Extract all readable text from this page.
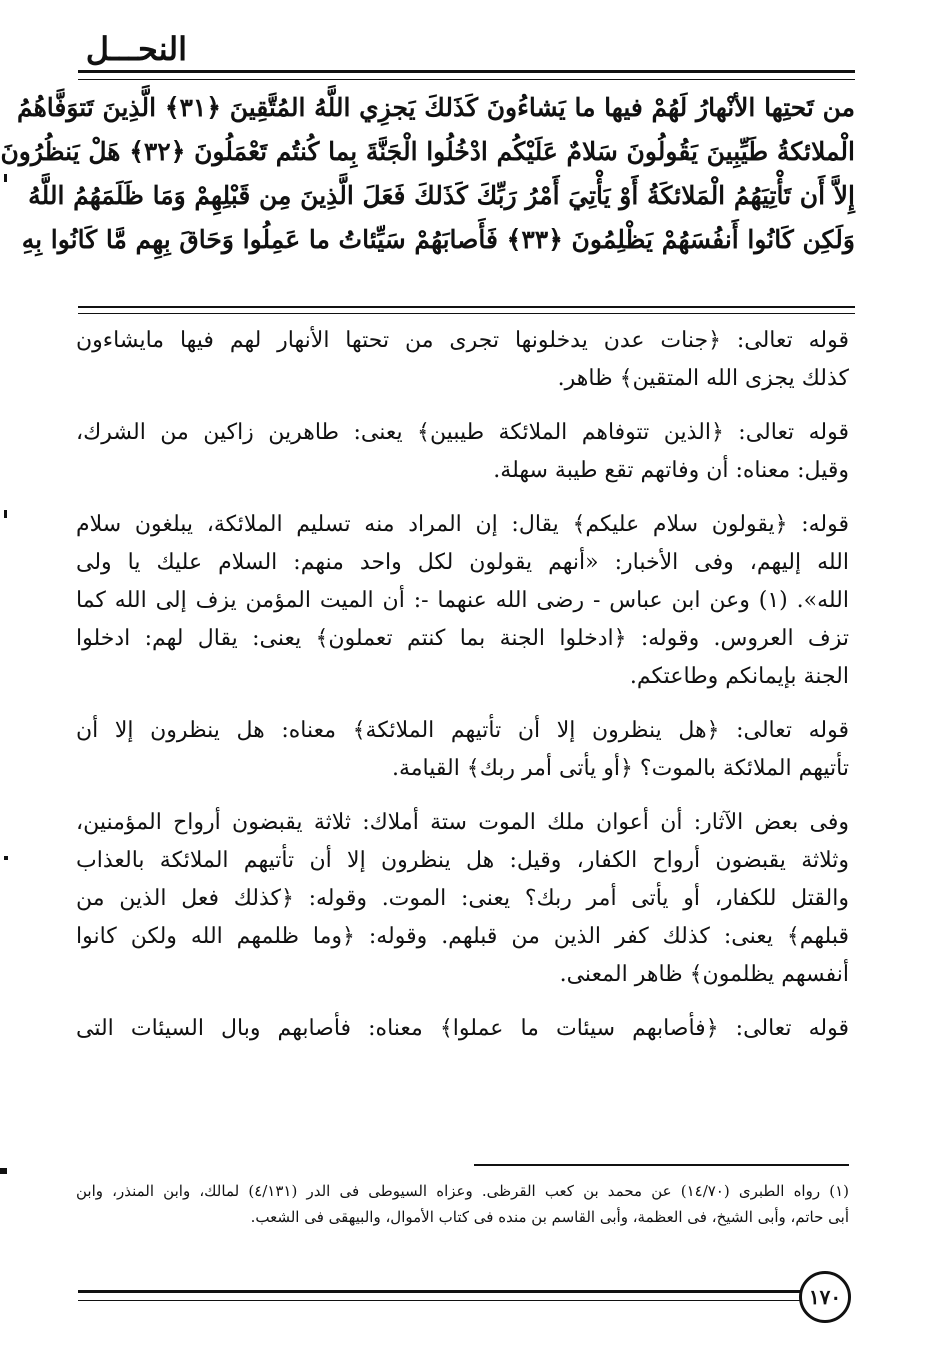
النحـــل
من تَحتِها الأنْهارُ لَهُمْ فيها ما يَشاءُونَ كَذَلكَ يَجزِي اللَّهُ المُتَّقِينَ ﴿٣١﴾ الَّذِينَ تَتوَفَّاهُمُ
الْملائكةُ طَيِّبِينَ يَقُولُونَ سَلامٌ عَلَيْكُم ادْخُلُوا الْجَنَّةَ بِما كُنتُم تَعْمَلُونَ ﴿٣٢﴾ هَلْ يَنظُرُونَ
إِلاَّ أَن تَأْتِيَهُمُ الْمَلائكَةُ أَوْ يَأْتِيَ أَمْرُ رَبِّكَ كَذَلكَ فَعَلَ الَّذِينَ مِن قَبْلِهِمْ وَمَا ظَلَمَهُمُ اللَّهُ
وَلَكِن كَانُوا أَنفُسَهُمْ يَظْلِمُونَ ﴿٣٣﴾ فَأَصابَهُمْ سَيِّئاتُ ما عَمِلُوا وَحَاقَ بِهِم مَّا كَانُوا بِهِ
قوله تعالى: ﴿جنات عدن يدخلونها تجرى من تحتها الأنهار لهم فيها مايشاءون
كذلك يجزى الله المتقين﴾ ظاهر.
قوله تعالى: ﴿الذين تتوفاهم الملائكة طيبين﴾ يعنى: طاهرين زاكين من الشرك،
وقيل: معناه: أن وفاتهم تقع طيبة سهلة.
قوله: ﴿يقولون سلام عليكم﴾ يقال: إن المراد منه تسليم الملائكة، يبلغون سلام
الله إليهم، وفى الأخبار: «أنهم يقولون لكل واحد منهم: السلام عليك يا ولى
الله». (١) وعن ابن عباس - رضى الله عنهما -: أن الميت المؤمن يزف إلى الله كما
تزف العروس. وقوله: ﴿ادخلوا الجنة بما كنتم تعملون﴾ يعنى: يقال لهم: ادخلوا
الجنة بإيمانكم وطاعتكم.
قوله تعالى: ﴿هل ينظرون إلا أن تأتيهم الملائكة﴾ معناه: هل ينظرون إلا أن
تأتيهم الملائكة بالموت؟ ﴿أو يأتى أمر ربك﴾ القيامة.
وفى بعض الآثار: أن أعوان ملك الموت ستة أملاك: ثلاثة يقبضون أرواح المؤمنين،
وثلاثة يقبضون أرواح الكفار، وقيل: هل ينظرون إلا أن تأتيهم الملائكة بالعذاب
والقتل للكفار، أو يأتى أمر ربك؟ يعنى: الموت. وقوله: ﴿كذلك فعل الذين من
قبلهم﴾ يعنى: كذلك كفر الذين من قبلهم. وقوله: ﴿وما ظلمهم الله ولكن كانوا
أنفسهم يظلمون﴾ ظاهر المعنى.
قوله تعالى: ﴿فأصابهم سيئات ما عملوا﴾ معناه: فأصابهم وبال السيئات التى
(١) رواه الطبرى (١٤/٧٠) عن محمد بن كعب القرظى. وعزاه السيوطى فى الدر (٤/١٣١) لمالك، وابن المنذر، وابن
أبى حاتم، وأبى الشيخ، فى العظمة، وأبى القاسم بن منده فى كتاب الأموال، والبيهقى فى الشعب.
١٧٠
